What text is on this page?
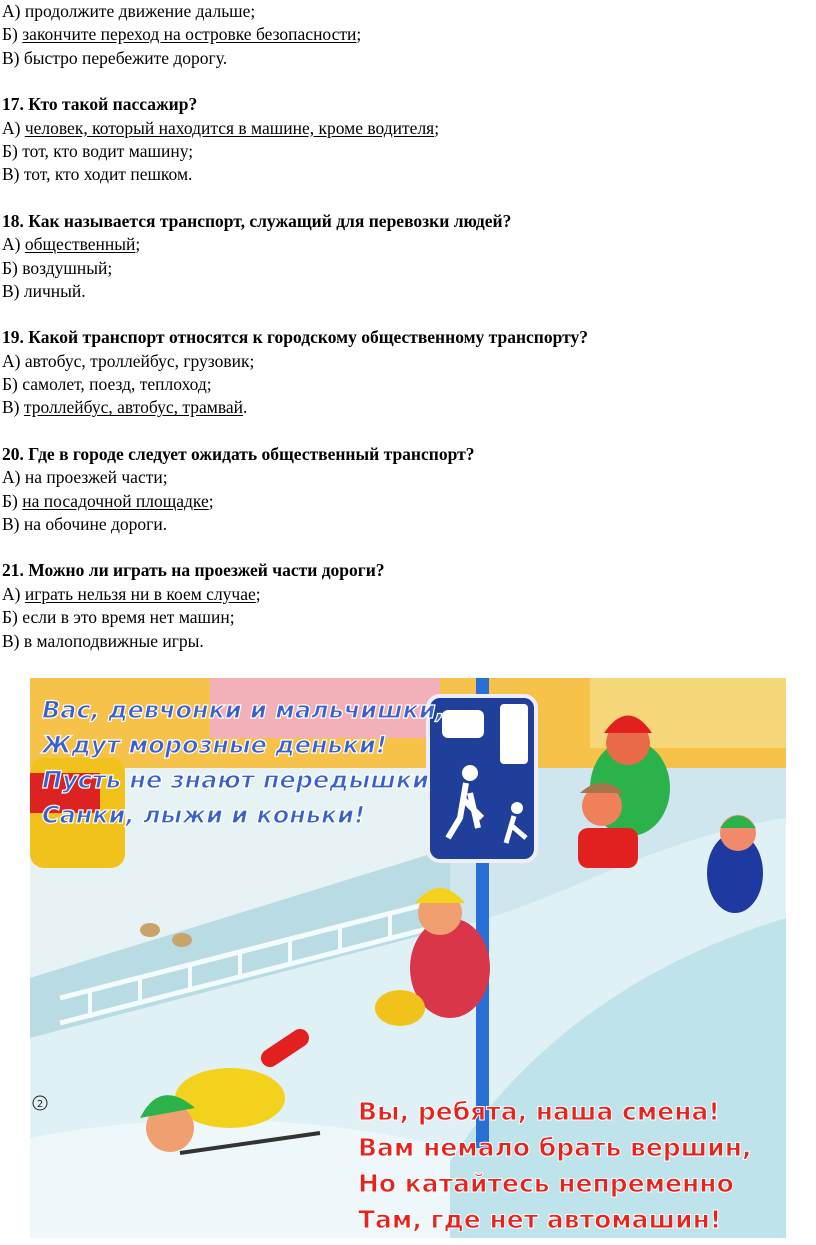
А) продолжите движение дальше;
Б) закончите переход на островке безопасности;
В) быстро перебежите дорогу.
17. Кто такой пассажир?
А) человек, который находится в машине, кроме водителя;
Б) тот, кто водит машину;
В) тот, кто ходит пешком.
18. Как называется транспорт, служащий для перевозки людей?
А) общественный;
Б) воздушный;
В) личный.
19. Какой транспорт относятся к городскому общественному транспорту?
А) автобус, троллейбус, грузовик;
Б) самолет, поезд, теплоход;
В) троллейбус, автобус, трамвай.
20. Где в городе следует ожидать общественный транспорт?
А) на проезжей части;
Б) на посадочной площадке;
В) на обочине дороги.
21. Можно ли играть на проезжей части дороги?
А) играть нельзя ни в коем случае;
Б) если в это время нет машин;
В) в малоподвижные игры.
2
Вас, девчонки и мальчишки,
Ждут морозные деньки!
Пусть не знают передышки
Санки, лыжи и коньки!
Вы, ребята, наша смена!
Вам немало брать вершин,
Но катайтесь непременно
Там, где нет автомашин!
